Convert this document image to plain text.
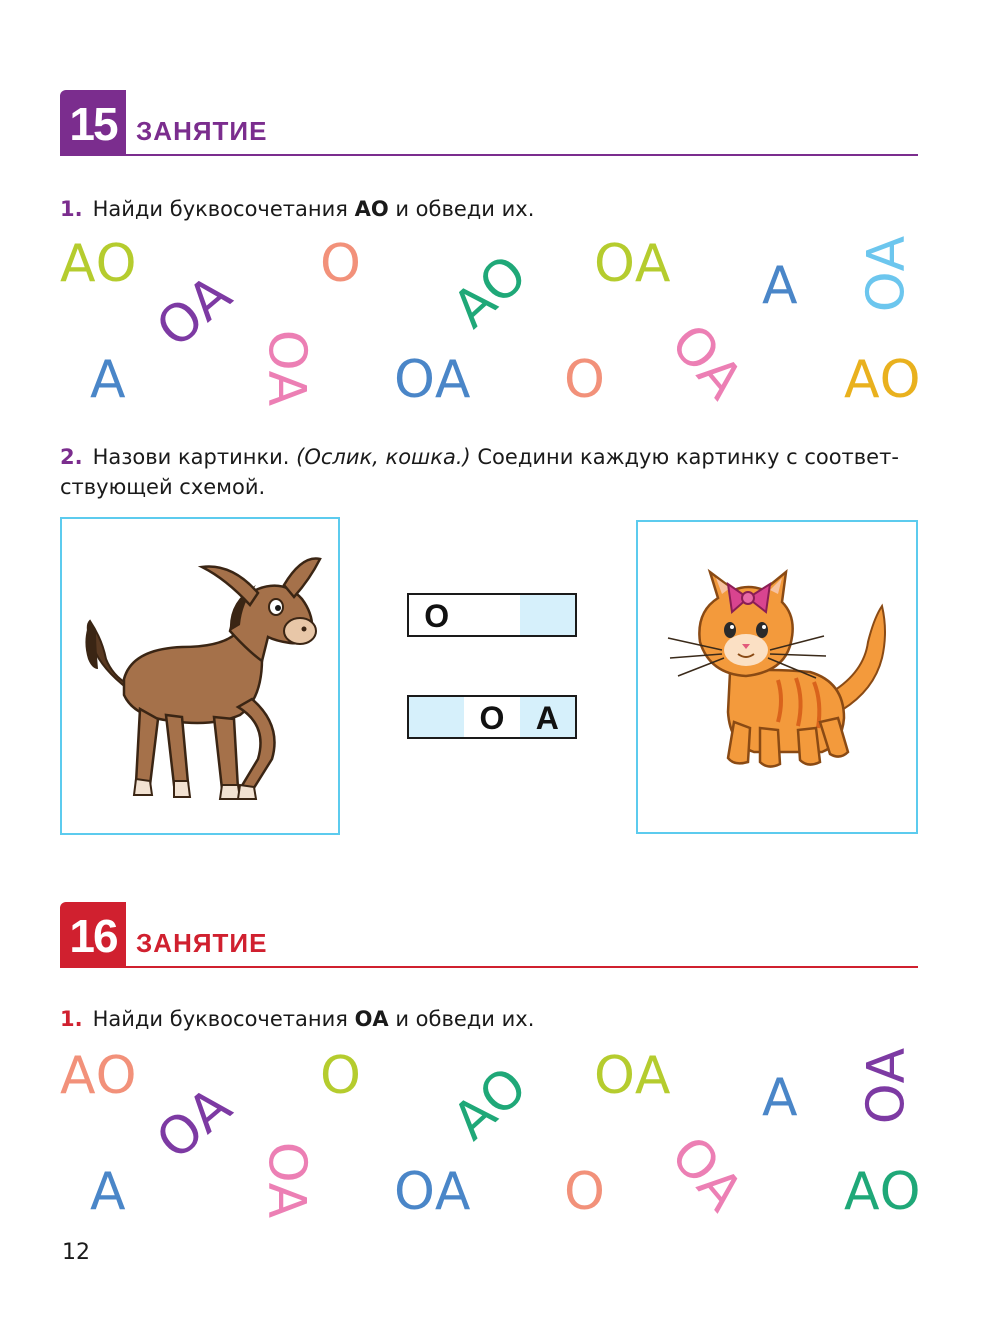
15 ЗАНЯТИЕ
1. Найди буквосочетания АО и обведи их.
АО	О	ОА
ОА	А ОА
АО
А	ОА ОА О ОА АО
2. Назови картинки. (Ослик, кошка.) Соедини каждую картинку с соответ-
ствующей схемой.
О
О А
16 ЗАНЯТИЕ
1. Найди буквосочетания ОА и обведи их.
АО	О	ОА
ОА	А ОА
АО
А	ОА ОА О ОА АО
12
